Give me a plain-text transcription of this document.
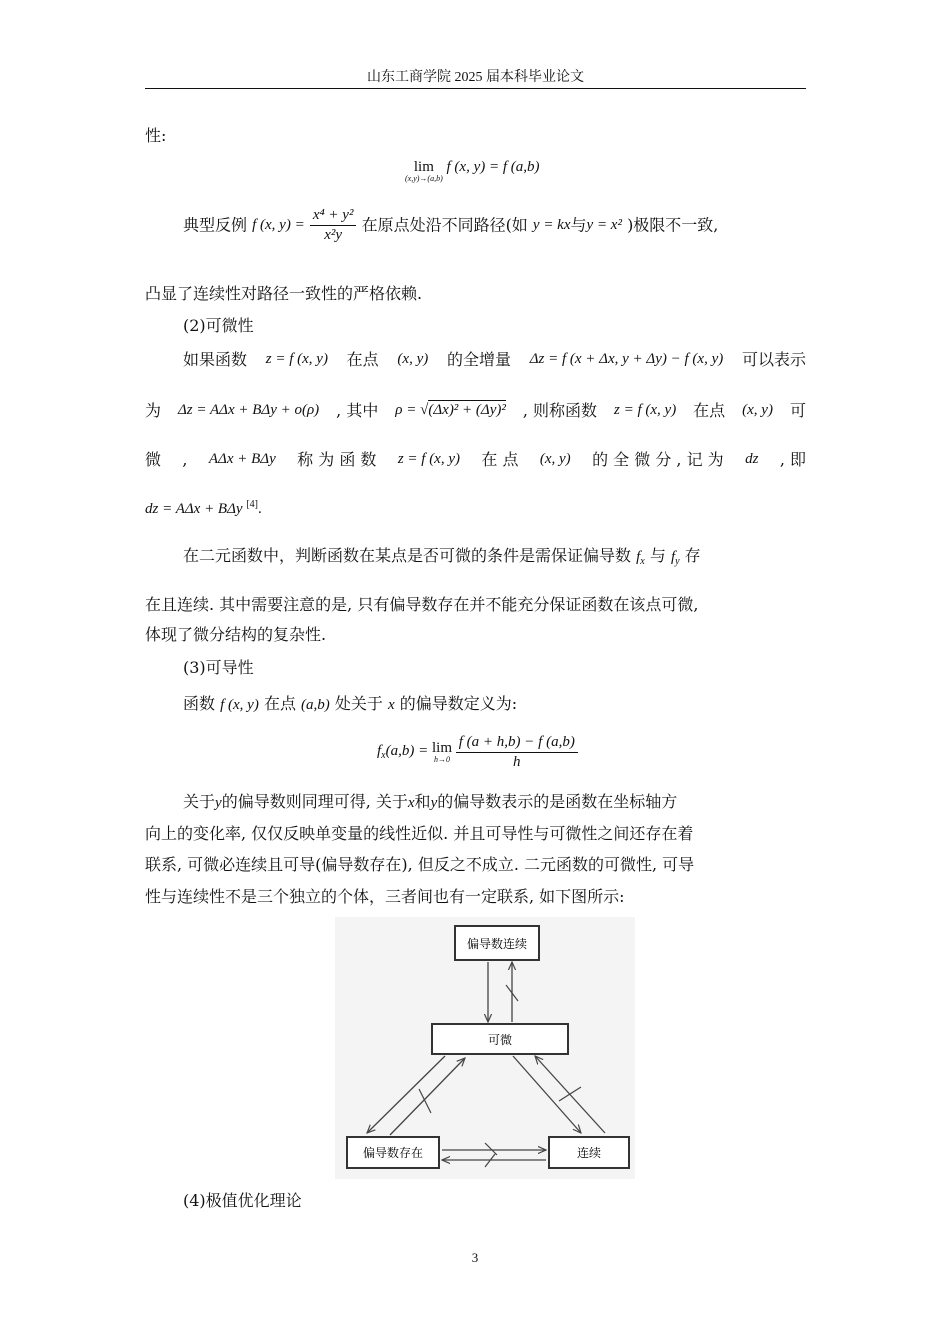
山东工商学院 2025 届本科毕业论文
性:
lim
(x,y)→(a,b)
f (x, y) = f (a,b)
典型反例 f (x, $y) = \frac{\text{x⁴ + y²}}{\text{x²y}}$ 在原点处沿不同路径(如 y = kx与y = x² )极限不一致,
凸显了连续性对路径一致性的严格依赖.
(2)可微性
如果函数 z = f (x, y) 在点 (x, y) 的全增量 Δz = f (x + Δx, y + Δy) − f (x, y) 可以表示
为 Δz = AΔx + BΔy + o(ρ) , 其中 ρ = √(Δx)² + (Δy)² , 则称函数 z = f (x, y) 在点 (x, y) 可
微 , AΔx + BΔy 称 为 函 数 z = f (x, y) 在 点 (x, y) 的 全 微 分 , 记 为 dz , 即
dz = AΔx + BΔy [4].
在二元函数中，判断函数在某点是否可微的条件是需保证偏导数 $f_x$ 与 $f_y$ 存
在且连续. 其中需要注意的是, 只有偏导数存在并不能充分保证函数在该点可微,
体现了微分结构的复杂性.
(3)可导性
函数 f (x, y) 在点 (a,b) 处关于 x 的偏导数定义为:
$f_x(a,b) = \lim$
h→0
$\frac{f (a + h,b) - f (a,b)}{h}$
关于y的偏导数则同理可得, 关于x和y的偏导数表示的是函数在坐标轴方
向上的变化率, 仅仅反映单变量的线性近似. 并且可导性与可微性之间还存在着
联系, 可微必连续且可导(偏导数存在), 但反之不成立. 二元函数的可微性, 可导
性与连续性不是三个独立的个体，三者间也有一定联系, 如下图所示:
偏导数连续
可微
偏导数存在	连续
(4)极值优化理论
3
